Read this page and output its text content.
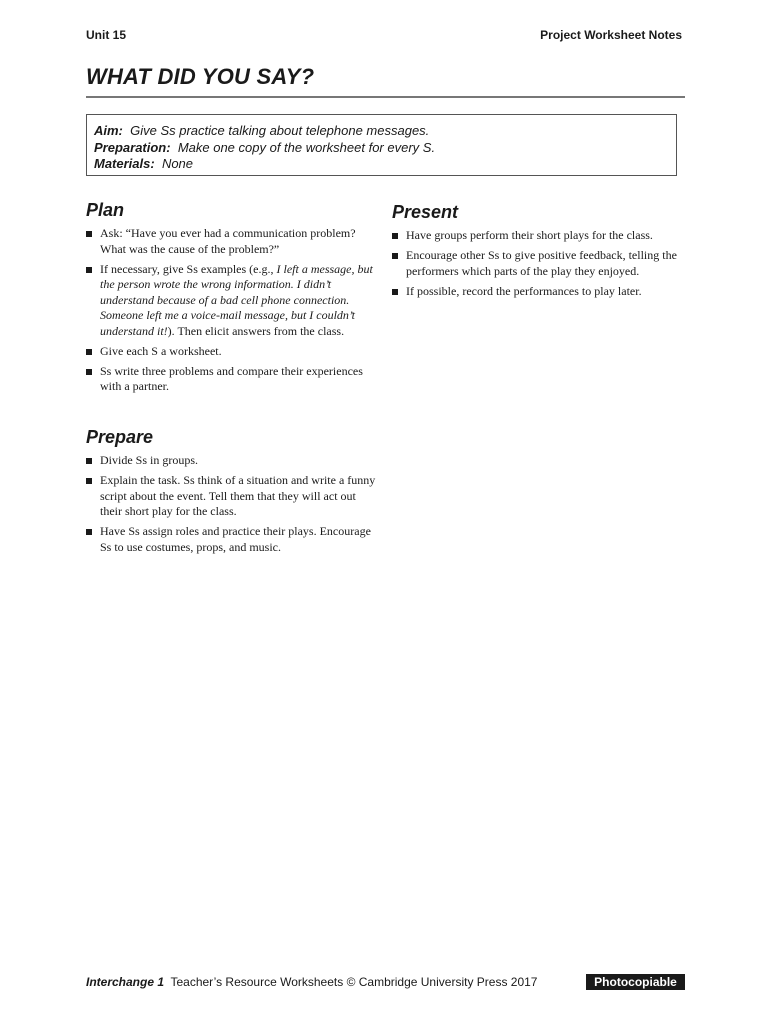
Unit 15	Project Worksheet Notes
WHAT DID YOU SAY?
Aim: Give Ss practice talking about telephone messages.
Preparation: Make one copy of the worksheet for every S.
Materials: None
Plan
Ask: “Have you ever had a communication problem? What was the cause of the problem?”
If necessary, give Ss examples (e.g., I left a message, but the person wrote the wrong information. I didn’t understand because of a bad cell phone connection. Someone left me a voice-mail message, but I couldn’t understand it!). Then elicit answers from the class.
Give each S a worksheet.
Ss write three problems and compare their experiences with a partner.
Prepare
Divide Ss in groups.
Explain the task. Ss think of a situation and write a funny script about the event. Tell them that they will act out their short play for the class.
Have Ss assign roles and practice their plays. Encourage Ss to use costumes, props, and music.
Present
Have groups perform their short plays for the class.
Encourage other Ss to give positive feedback, telling the performers which parts of the play they enjoyed.
If possible, record the performances to play later.
Interchange 1 Teacher’s Resource Worksheets © Cambridge University Press 2017	Photocopiable
